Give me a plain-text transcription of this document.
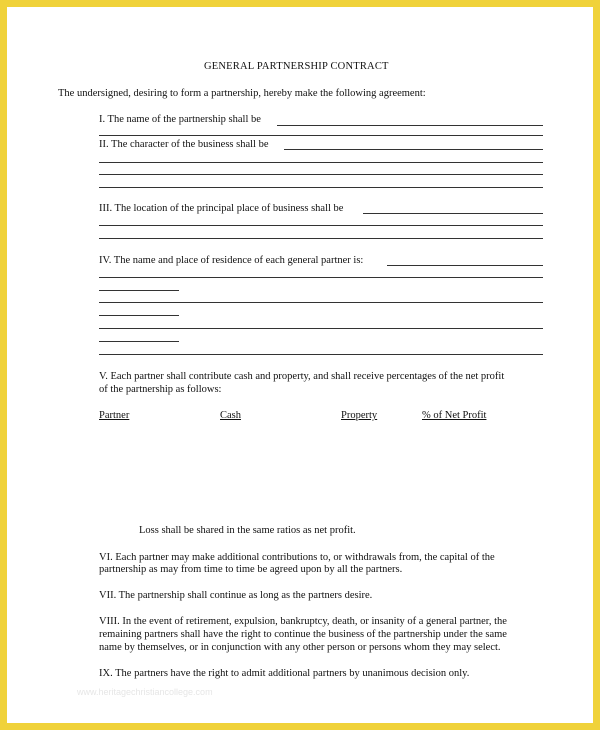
GENERAL PARTNERSHIP CONTRACT
The undersigned, desiring to form a partnership, hereby make the following agreement:
I. The name of the partnership shall be
II. The character of the business shall be
III. The location of the principal place of business shall be
IV. The name and place of residence of each general partner is:
V. Each partner shall contribute cash and property, and shall receive percentages of the net profit
of the partnership as follows:
Partner	Cash	Property	% of Net Profit
Loss shall be shared in the same ratios as net profit.
VI. Each partner may make additional contributions to, or withdrawals from, the capital of the
partnership as may from time to time be agreed upon by all the partners.
VII. The partnership shall continue as long as the partners desire.
VIII. In the event of retirement, expulsion, bankruptcy, death, or insanity of a general partner, the
remaining partners shall have the right to continue the business of the partnership under the same
name by themselves, or in conjunction with any other person or persons whom they may select.
IX. The partners have the right to admit additional partners by unanimous decision only.
www.heritagechristiancollege.com
